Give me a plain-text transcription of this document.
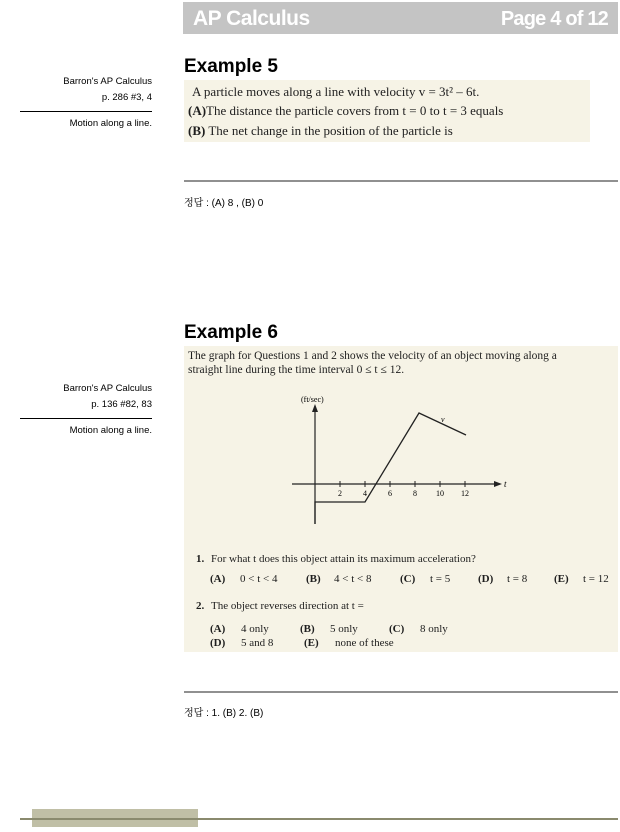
AP Calculus	Page 4 of 12
Barron's AP Calculus
p. 286 #3, 4
Motion along a line.
Example 5

A particle moves along a line with velocity v = 3t² – 6t.

(A)The distance the particle covers from t = 0 to t = 3 equals

(B) The net change in the position of the particle is

정답 : (A) 8 , (B) 0
Barron's AP Calculus
p. 136 #82, 83
Motion along a line.
Example 6

The graph for Questions 1 and 2 shows the velocity of an object moving along a

straight line during the time interval 0 ≤ t ≤ 12.

(ft/sec)
t
2	4	6	8 10 12
v
1. For what t does this object attain its maximum acceleration?
(A) 0 < t < 4	(B) 4 < t < 8	(C) t = 5	(D) t = 8 (E) t = 12
2. The object reverses direction at t =
(A) 4 only	(B) 5 only	(C) 8 only
(D) 5 and 8	(E) none of these
정답 : 1. (B) 2. (B)
